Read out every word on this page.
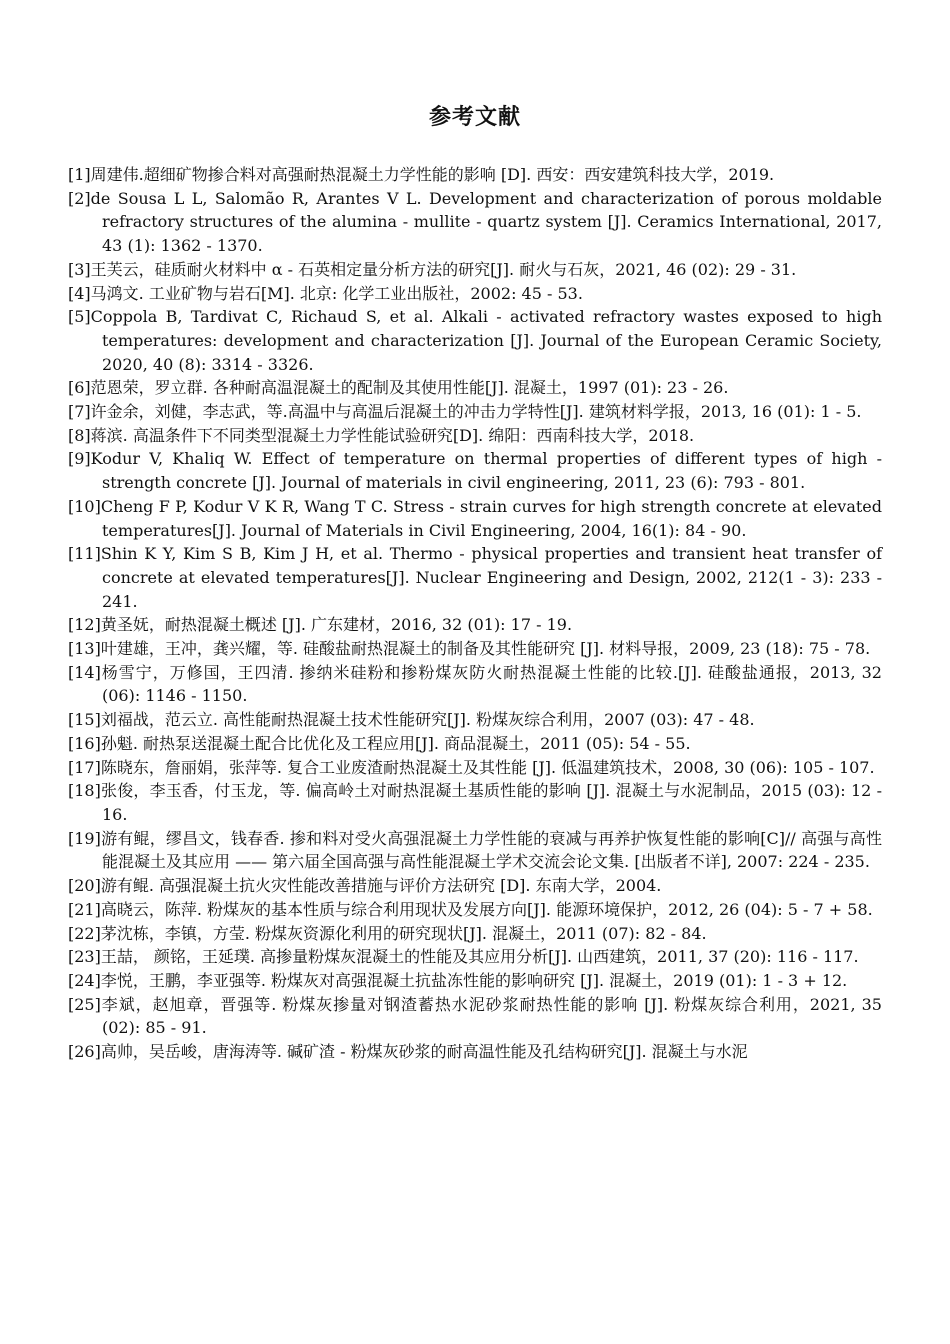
参考文献
[1]周建伟.超细矿物掺合料对高强耐热混凝土力学性能的影响 [D]. 西安：西安建筑科技大学，2019.
[2]de Sousa L L, Salomão R, Arantes V L. Development and characterization of porous moldable refractory structures of the alumina - mullite - quartz system [J]. Ceramics International, 2017, 43 (1): 1362 - 1370.
[3]王芙云，硅质耐火材料中 α - 石英相定量分析方法的研究[J]. 耐火与石灰，2021, 46 (02): 29 - 31.
[4]马鸿文. 工业矿物与岩石[M]. 北京: 化学工业出版社，2002: 45 - 53.
[5]Coppola B, Tardivat C, Richaud S, et al. Alkali - activated refractory wastes exposed to high temperatures: development and characterization [J]. Journal of the European Ceramic Society, 2020, 40 (8): 3314 - 3326.
[6]范恩荣，罗立群. 各种耐高温混凝土的配制及其使用性能[J]. 混凝土，1997 (01): 23 - 26.
[7]许金余，刘健，李志武，等.高温中与高温后混凝土的冲击力学特性[J]. 建筑材料学报，2013, 16 (01): 1 - 5.
[8]蒋滨. 高温条件下不同类型混凝土力学性能试验研究[D]. 绵阳：西南科技大学，2018.
[9]Kodur V, Khaliq W. Effect of temperature on thermal properties of different types of high - strength concrete [J]. Journal of materials in civil engineering, 2011, 23 (6): 793 - 801.
[10]Cheng F P, Kodur V K R, Wang T C. Stress - strain curves for high strength concrete at elevated temperatures[J]. Journal of Materials in Civil Engineering, 2004, 16(1): 84 - 90.
[11]Shin K Y, Kim S B, Kim J H, et al. Thermo - physical properties and transient heat transfer of concrete at elevated temperatures[J]. Nuclear Engineering and Design, 2002, 212(1 - 3): 233 - 241.
[12]黄圣妩，耐热混凝土概述 [J]. 广东建材，2016, 32 (01): 17 - 19.
[13]叶建雄，王冲，龚兴耀，等. 硅酸盐耐热混凝土的制备及其性能研究 [J]. 材料导报，2009, 23 (18): 75 - 78.
[14]杨雪宁，万修国，王四清. 掺纳米硅粉和掺粉煤灰防火耐热混凝土性能的比较.[J]. 硅酸盐通报，2013, 32 (06): 1146 - 1150.
[15]刘福战，范云立. 高性能耐热混凝土技术性能研究[J]. 粉煤灰综合利用，2007 (03): 47 - 48.
[16]孙魁. 耐热泵送混凝土配合比优化及工程应用[J]. 商品混凝土，2011 (05): 54 - 55.
[17]陈晓东，詹丽娟，张萍等. 复合工业废渣耐热混凝土及其性能 [J]. 低温建筑技术，2008, 30 (06): 105 - 107.
[18]张俊，李玉香，付玉龙，等. 偏高岭土对耐热混凝土基质性能的影响 [J]. 混凝土与水泥制品，2015 (03): 12 - 16.
[19]游有鲲，缪昌文，钱春香. 掺和料对受火高强混凝土力学性能的衰减与再养护恢复性能的影响[C]// 高强与高性能混凝土及其应用 —— 第六届全国高强与高性能混凝土学术交流会论文集. [出版者不详], 2007: 224 - 235.
[20]游有鲲. 高强混凝土抗火灾性能改善措施与评价方法研究 [D]. 东南大学，2004.
[21]高晓云，陈萍. 粉煤灰的基本性质与综合利用现状及发展方向[J]. 能源环境保护，2012, 26 (04): 5 - 7 + 58.
[22]茅沈栋，李镇，方莹. 粉煤灰资源化利用的研究现状[J]. 混凝土，2011 (07): 82 - 84.
[23]王喆， 颜铭，王延璞. 高掺量粉煤灰混凝土的性能及其应用分析[J]. 山西建筑，2011, 37 (20): 116 - 117.
[24]李悦，王鹏，李亚强等. 粉煤灰对高强混凝土抗盐冻性能的影响研究 [J]. 混凝土，2019 (01): 1 - 3 + 12.
[25]李斌，赵旭章，晋强等. 粉煤灰掺量对钢渣蓄热水泥砂浆耐热性能的影响 [J]. 粉煤灰综合利用，2021, 35 (02): 85 - 91.
[26]高帅，吴岳峻，唐海涛等. 碱矿渣 - 粉煤灰砂浆的耐高温性能及孔结构研究[J]. 混凝土与水泥
